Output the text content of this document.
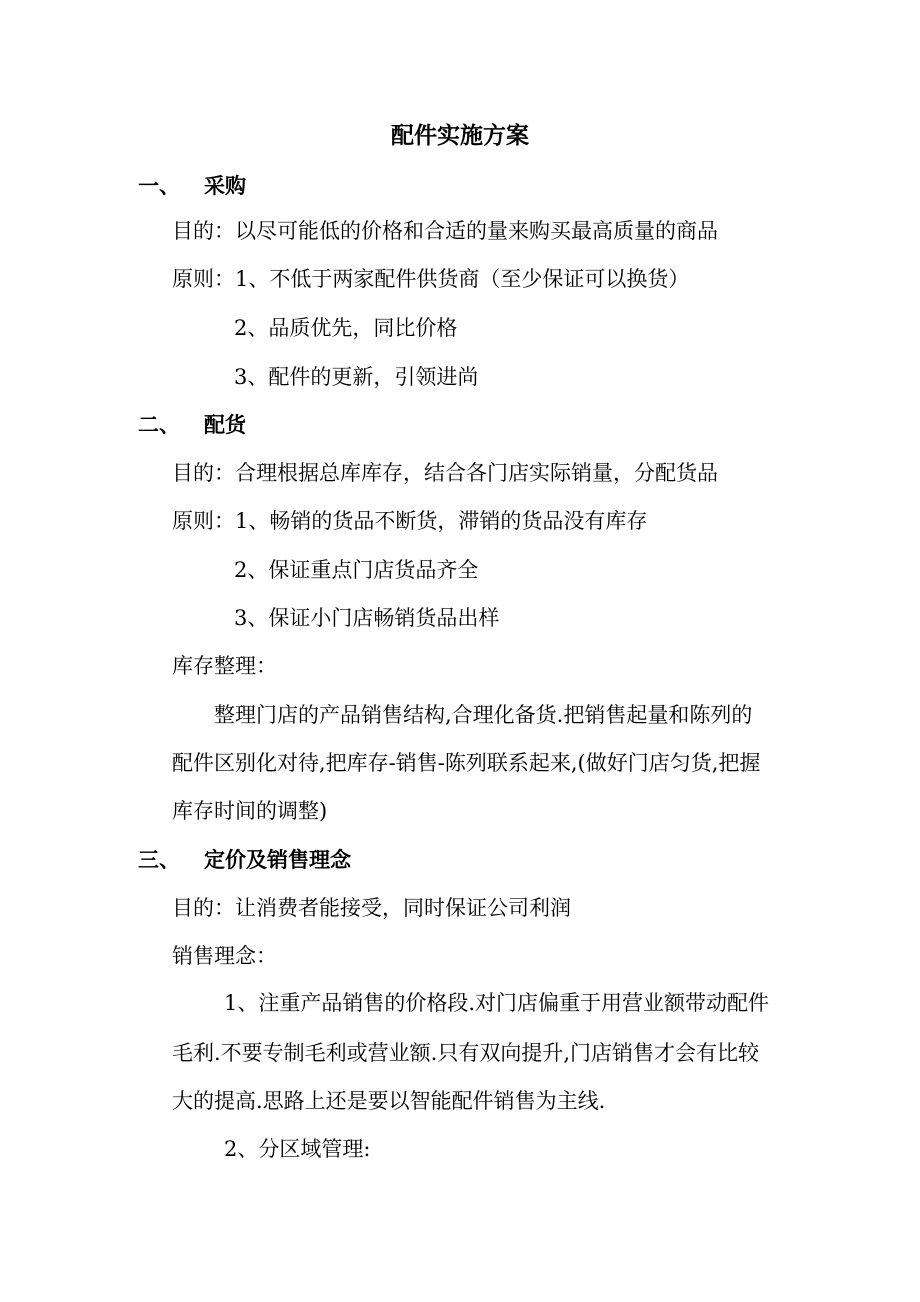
配件实施方案
一、 采购
目的：以尽可能低的价格和合适的量来购买最高质量的商品
原则：1、不低于两家配件供货商（至少保证可以换货）
2、品质优先，同比价格
3、配件的更新，引领进尚
二、 配货
目的：合理根据总库库存，结合各门店实际销量，分配货品
原则：1、畅销的货品不断货，滞销的货品没有库存
2、保证重点门店货品齐全
3、保证小门店畅销货品出样
库存整理：
整理门店的产品销售结构,合理化备货.把销售起量和陈列的
配件区别化对待,把库存-销售-陈列联系起来,(做好门店匀货,把握
库存时间的调整)
三、 定价及销售理念
目的：让消费者能接受，同时保证公司利润
销售理念：
1、注重产品销售的价格段.对门店偏重于用营业额带动配件
毛利.不要专制毛利或营业额.只有双向提升,门店销售才会有比较
大的提高.思路上还是要以智能配件销售为主线.
2、分区域管理:
